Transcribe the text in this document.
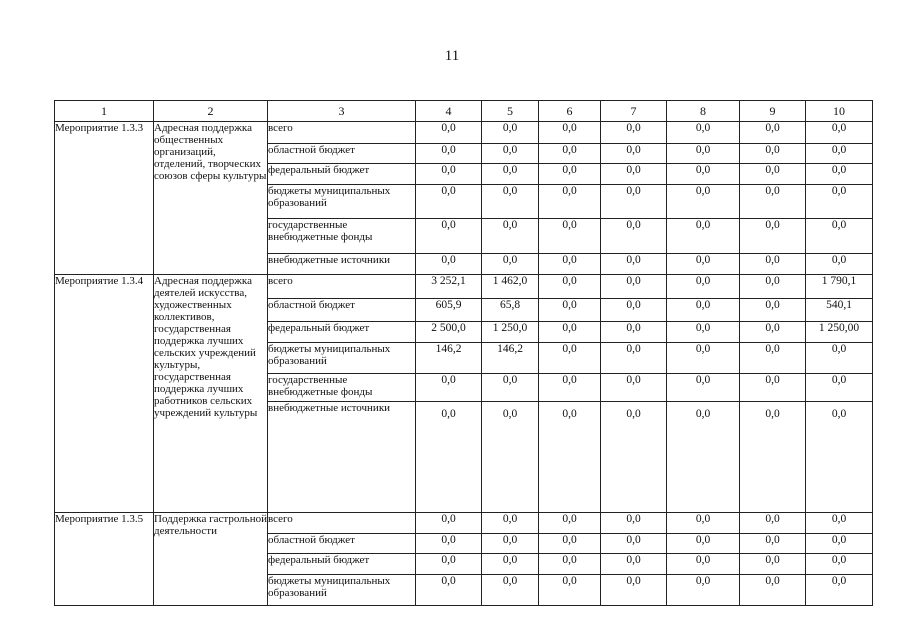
11
1	2	3	4	5	6	7	8	9	10
Мероприятие 1.3.3	Адресная поддержка общественных организаций, отделений, творческих союзов сферы культуры	всего	0,0	0,0	0,0	0,0	0,0	0,0	0,0
		областной бюджет	0,0	0,0	0,0	0,0	0,0	0,0	0,0
		федеральный бюджет	0,0	0,0	0,0	0,0	0,0	0,0	0,0
		бюджеты муниципальных образований	0,0	0,0	0,0	0,0	0,0	0,0	0,0
		государственные внебюджетные фонды	0,0	0,0	0,0	0,0	0,0	0,0	0,0
		внебюджетные источники	0,0	0,0	0,0	0,0	0,0	0,0	0,0
Мероприятие 1.3.4	Адресная поддержка деятелей искусства, художественных коллективов, государственная поддержка лучших сельских учреждений культуры, государственная поддержка лучших работников сельских учреждений культуры	всего	3 252,1	1 462,0	0,0	0,0	0,0	0,0	1 790,1
		областной бюджет	605,9	65,8	0,0	0,0	0,0	0,0	540,1
		федеральный бюджет	2 500,0	1 250,0	0,0	0,0	0,0	0,0	1 250,00
		бюджеты муниципальных образований	146,2	146,2	0,0	0,0	0,0	0,0	0,0
		государственные внебюджетные фонды	0,0	0,0	0,0	0,0	0,0	0,0	0,0
		внебюджетные источники	0,0	0,0	0,0	0,0	0,0	0,0	0,0
Мероприятие 1.3.5	Поддержка гастрольной деятельности	всего	0,0	0,0	0,0	0,0	0,0	0,0	0,0
		областной бюджет	0,0	0,0	0,0	0,0	0,0	0,0	0,0
		федеральный бюджет	0,0	0,0	0,0	0,0	0,0	0,0	0,0
		бюджеты муниципальных образований	0,0	0,0	0,0	0,0	0,0	0,0	0,0
